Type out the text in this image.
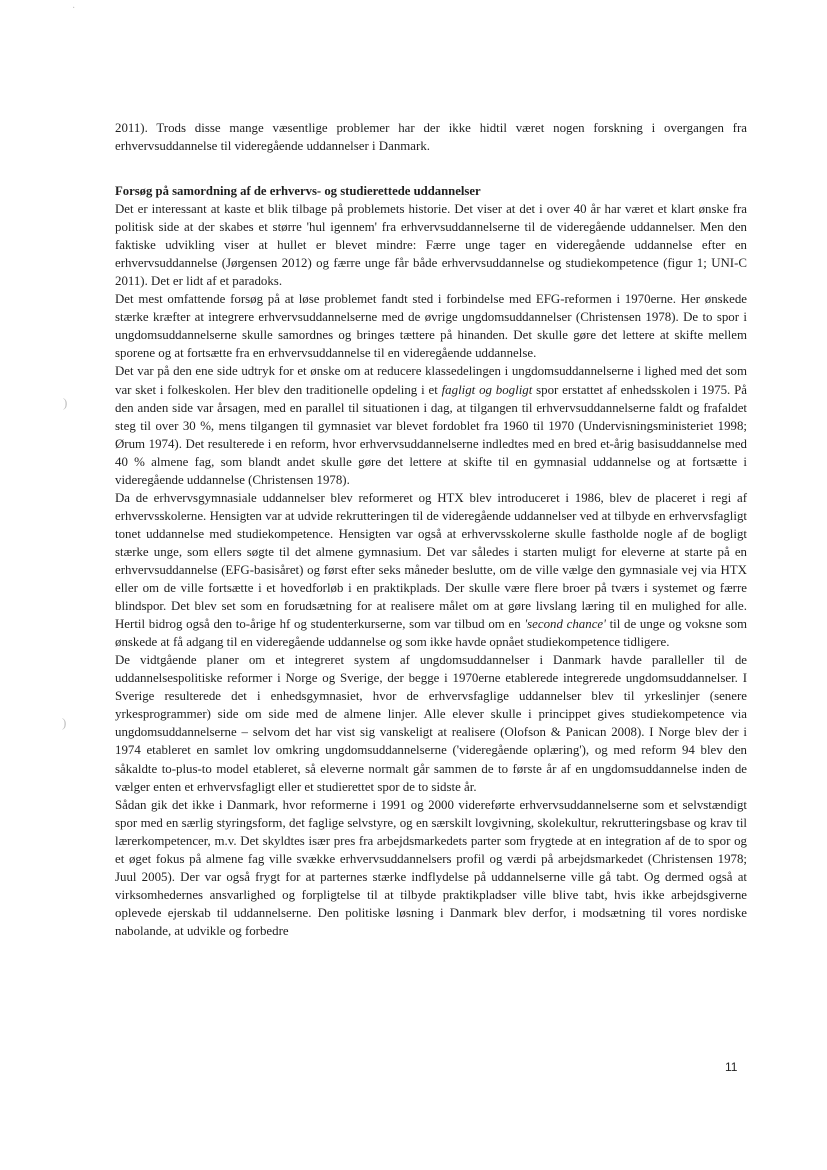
·
)
)

2011). Trods disse mange væsentlige problemer har der ikke hidtil været nogen forskning i overgangen fra erhvervsuddannelse til videregående uddannelser i Danmark.

Forsøg på samordning af de erhvervs- og studierettede uddannelser

Det er interessant at kaste et blik tilbage på problemets historie. Det viser at det i over 40 år har været et klart ønske fra politisk side at der skabes et større 'hul igennem' fra erhvervsuddannelserne til de videregående uddannelser. Men den faktiske udvikling viser at hullet er blevet mindre: Færre unge tager en videregående uddannelse efter en erhvervsuddannelse (Jørgensen 2012) og færre unge får både erhvervsuddannelse og studiekompetence (figur 1; UNI-C 2011). Det er lidt af et paradoks.

Det mest omfattende forsøg på at løse problemet fandt sted i forbindelse med EFG-reformen i 1970erne. Her ønskede stærke kræfter at integrere erhvervsuddannelserne med de øvrige ungdomsuddannelser (Christensen 1978). De to spor i ungdomsuddannelserne skulle samordnes og bringes tættere på hinanden. Det skulle gøre det lettere at skifte mellem sporene og at fortsætte fra en erhvervsuddannelse til en videregående uddannelse.

Det var på den ene side udtryk for et ønske om at reducere klassedelingen i ungdomsuddannelserne i lighed med det som var sket i folkeskolen. Her blev den traditionelle opdeling i et fagligt og bogligt spor erstattet af enhedsskolen i 1975. På den anden side var årsagen, med en parallel til situationen i dag, at tilgangen til erhvervsuddannelserne faldt og frafaldet steg til over 30 %, mens tilgangen til gymnasiet var blevet fordoblet fra 1960 til 1970 (Undervisningsministeriet 1998; Ørum 1974). Det resulterede i en reform, hvor erhvervsuddannelserne indledtes med en bred et-årig basisuddannelse med 40 % almene fag, som blandt andet skulle gøre det lettere at skifte til en gymnasial uddannelse og at fortsætte i videregående uddannelse (Christensen 1978).

Da de erhvervsgymnasiale uddannelser blev reformeret og HTX blev introduceret i 1986, blev de placeret i regi af erhvervsskolerne. Hensigten var at udvide rekrutteringen til de videregående uddannelser ved at tilbyde en erhvervsfagligt tonet uddannelse med studiekompetence. Hensigten var også at erhvervsskolerne skulle fastholde nogle af de bogligt stærke unge, som ellers søgte til det almene gymnasium. Det var således i starten muligt for eleverne at starte på en erhvervsuddannelse (EFG-basisåret) og først efter seks måneder beslutte, om de ville vælge den gymnasiale vej via HTX eller om de ville fortsætte i et hovedforløb i en praktikplads. Der skulle være flere broer på tværs i systemet og færre blindspor. Det blev set som en forudsætning for at realisere målet om at gøre livslang læring til en mulighed for alle. Hertil bidrog også den to-årige hf og studenterkurserne, som var tilbud om en 'second chance' til de unge og voksne som ønskede at få adgang til en videregående uddannelse og som ikke havde opnået studiekompetence tidligere.

De vidtgående planer om et integreret system af ungdomsuddannelser i Danmark havde paralleller til de uddannelsespolitiske reformer i Norge og Sverige, der begge i 1970erne etablerede integrerede ungdomsuddannelser. I Sverige resulterede det i enhedsgymnasiet, hvor de erhvervsfaglige uddannelser blev til yrkeslinjer (senere yrkesprogrammer) side om side med de almene linjer. Alle elever skulle i princippet gives studiekompetence via ungdomsuddannelserne – selvom det har vist sig vanskeligt at realisere (Olofson & Panican 2008). I Norge blev der i 1974 etableret en samlet lov omkring ungdomsuddannelserne ('videregående oplæring'), og med reform 94 blev den såkaldte to-plus-to model etableret, så eleverne normalt går sammen de to første år af en ungdomsuddannelse inden de vælger enten et erhvervsfagligt eller et studierettet spor de to sidste år.

Sådan gik det ikke i Danmark, hvor reformerne i 1991 og 2000 videreførte erhvervsuddannelserne som et selvstændigt spor med en særlig styringsform, det faglige selvstyre, og en særskilt lovgivning, skolekultur, rekrutteringsbase og krav til lærerkompetencer, m.v. Det skyldtes især pres fra arbejdsmarkedets parter som frygtede at en integration af de to spor og et øget fokus på almene fag ville svække erhvervsuddannelsers profil og værdi på arbejdsmarkedet (Christensen 1978; Juul 2005). Der var også frygt for at parternes stærke indflydelse på uddannelserne ville gå tabt. Og dermed også at virksomhedernes ansvarlighed og forpligtelse til at tilbyde praktikpladser ville blive tabt, hvis ikke arbejdsgiverne oplevede ejerskab til uddannelserne. Den politiske løsning i Danmark blev derfor, i modsætning til vores nordiske nabolande, at udvikle og forbedre

11
